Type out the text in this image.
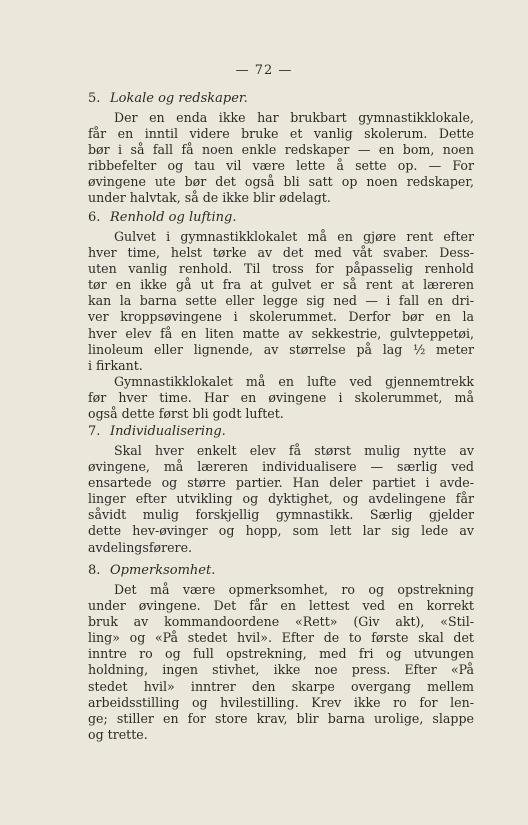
— 72 —
5. Lokale og redskaper.
Der en enda ikke har brukbart gymnastikklokale,
får en inntil videre bruke et vanlig skolerum. Dette
bør i så fall få noen enkle redskaper — en bom, noen
ribbefelter og tau vil være lette å sette op. — For
øvingene ute bør det også bli satt op noen redskaper,
under halvtak, så de ikke blir ødelagt.
6. Renhold og lufting.
Gulvet i gymnastikklokalet må en gjøre rent efter
hver time, helst tørke av det med våt svaber. Dess-
uten vanlig renhold. Til tross for påpasselig renhold
tør en ikke gå ut fra at gulvet er så rent at læreren
kan la barna sette eller legge sig ned — i fall en dri-
ver kroppsøvingene i skolerummet. Derfor bør en la
hver elev få en liten matte av sekkestrie, gulvteppetøi,
linoleum eller lignende, av størrelse på lag ½ meter
i firkant.
Gymnastikklokalet må en lufte ved gjennemtrekk
før hver time. Har en øvingene i skolerummet, må
også dette først bli godt luftet.
7. Individualisering.
Skal hver enkelt elev få størst mulig nytte av
øvingene, må læreren individualisere — særlig ved
ensartede og større partier. Han deler partiet i avde-
linger efter utvikling og dyktighet, og avdelingene får
såvidt mulig forskjellig gymnastikk. Særlig gjelder
dette hev-øvinger og hopp, som lett lar sig lede av
avdelingsførere.
8. Opmerksomhet.
Det må være opmerksomhet, ro og opstrekning
under øvingene. Det får en lettest ved en korrekt
bruk av kommandoordene «Rett» (Giv akt), «Stil-
ling» og «På stedet hvil». Efter de to første skal det
inntre ro og full opstrekning, med fri og utvungen
holdning, ingen stivhet, ikke noe press. Efter «På
stedet hvil» inntrer den skarpe overgang mellem
arbeidsstilling og hvilestilling. Krev ikke ro for len-
ge; stiller en for store krav, blir barna urolige, slappe
og trette.
